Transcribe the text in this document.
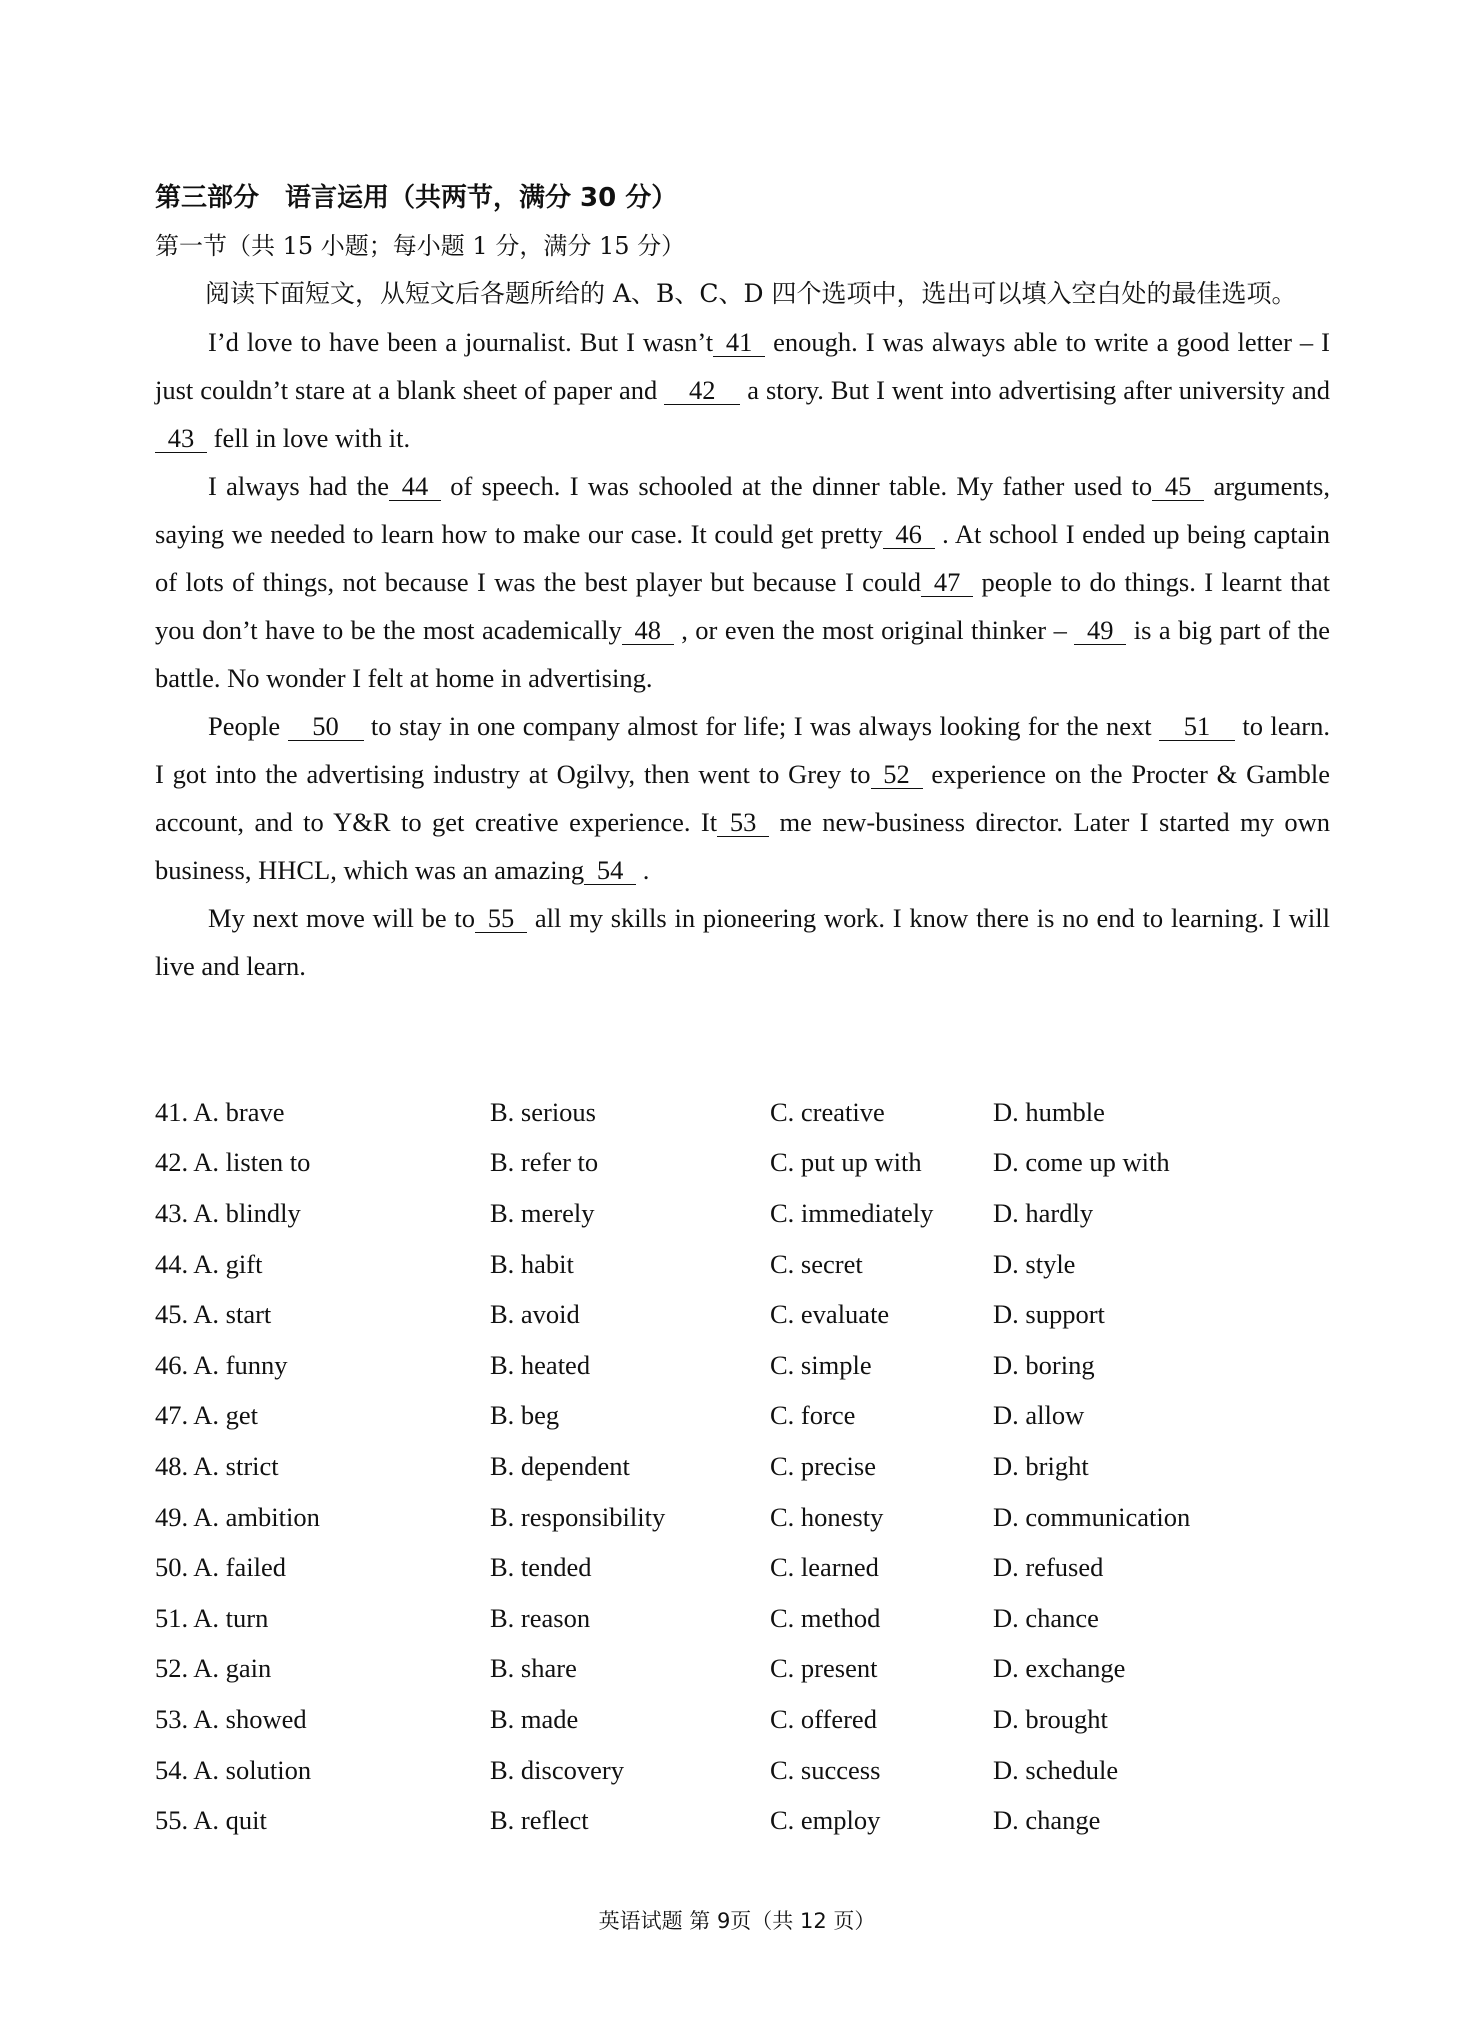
第三部分　语言运用（共两节，满分 30 分）

第一节（共 15 小题；每小题 1 分，满分 15 分）

阅读下面短文，从短文后各题所给的 A、B、C、D 四个选项中，选出可以填入空白处的最佳选项。

I’d love to have been a journalist. But I wasn’t 41 enough. I was always able to write a good letter – I just couldn’t stare at a blank sheet of paper and 42 a story. But I went into advertising after university and43 fell in love with it.

I always had the 44 of speech. I was schooled at the dinner table. My father used to 45 arguments, saying we needed to learn how to make our case. It could get pretty 46 . At school I ended up being captain of lots of things, not because I was the best player but because I could 47 people to do things. I learnt that you don’t have to be the most academically 48 , or even the most original thinker – 49 is a big part of the battle. No wonder I felt at home in advertising.

People 50 to stay in one company almost for life; I was always looking for the next 51 to learn. I got into the advertising industry at Ogilvy, then went to Grey to 52 experience on the Procter & Gamble account, and to Y&R to get creative experience. It 53 me new-business director. Later I started my own business, HHCL, which was an amazing 54 .

My next move will be to 55 all my skills in pioneering work. I know there is no end to learning. I will live and learn.

41. A. brave	B. serious	C. creative	D. humble
42. A. listen to	B. refer to	C. put up with	D. come up with
43. A. blindly	B. merely	C. immediately	D. hardly
44. A. gift	B. habit	C. secret	D. style
45. A. start	B. avoid	C. evaluate	D. support
46. A. funny	B. heated	C. simple	D. boring
47. A. get	B. beg	C. force	D. allow
48. A. strict	B. dependent	C. precise	D. bright
49. A. ambition	B. responsibility	C. honesty	D. communication
50. A. failed	B. tended	C. learned	D. refused
51. A. turn	B. reason	C. method	D. chance
52. A. gain	B. share	C. present	D. exchange
53. A. showed	B. made	C. offered	D. brought
54. A. solution	B. discovery	C. success	D. schedule
55. A. quit	B. reflect	C. employ	D. change
英语试题 第 9页（共 12 页）
